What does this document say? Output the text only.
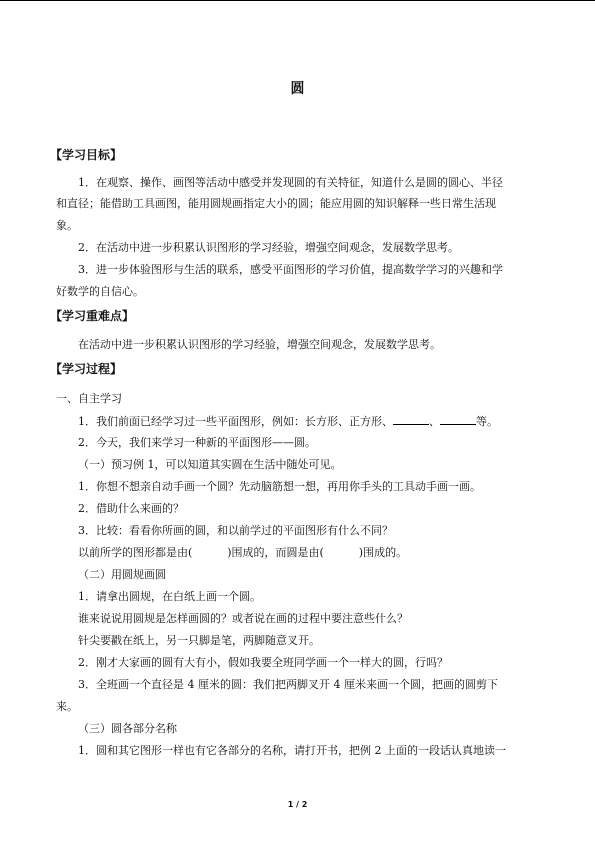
圆
【学习目标】
1．在观察、操作、画图等活动中感受并发现圆的有关特征，知道什么是圆的圆心、半径
和直径；能借助工具画图，能用圆规画指定大小的圆；能应用圆的知识解释一些日常生活现
象。
2．在活动中进一步积累认识图形的学习经验，增强空间观念，发展数学思考。
3．进一步体验图形与生活的联系，感受平面图形的学习价值，提高数学学习的兴趣和学
好数学的自信心。
【学习重难点】
在活动中进一步积累认识图形的学习经验，增强空间观念，发展数学思考。
【学习过程】
一、自主学习
1．我们前面已经学习过一些平面图形，例如：长方形、正方形、	、	等。
2．今天，我们来学习一种新的平面图形——圆。
（一）预习例 1，可以知道其实圆在生活中随处可见。
1．你想不想亲自动手画一个圆？先动脑筋想一想，再用你手头的工具动手画一画。
2．借助什么来画的？
3．比较：看看你所画的圆，和以前学过的平面图形有什么不同？
以前所学的图形都是由(          )围成的，而圆是由(          )围成的。
（二）用圆规画圆
1．请拿出圆规，在白纸上画一个圆。
谁来说说用圆规是怎样画圆的？或者说在画的过程中要注意些什么？
针尖要戳在纸上，另一只脚是笔，两脚随意叉开。
2．刚才大家画的圆有大有小，假如我要全班同学画一个一样大的圆，行吗？
3．全班画一个直径是 4 厘米的圆：我们把两脚叉开 4 厘米来画一个圆，把画的圆剪下
来。
（三）圆各部分名称
1．圆和其它图形一样也有它各部分的名称，请打开书，把例 2 上面的一段话认真地读一
1 / 2
